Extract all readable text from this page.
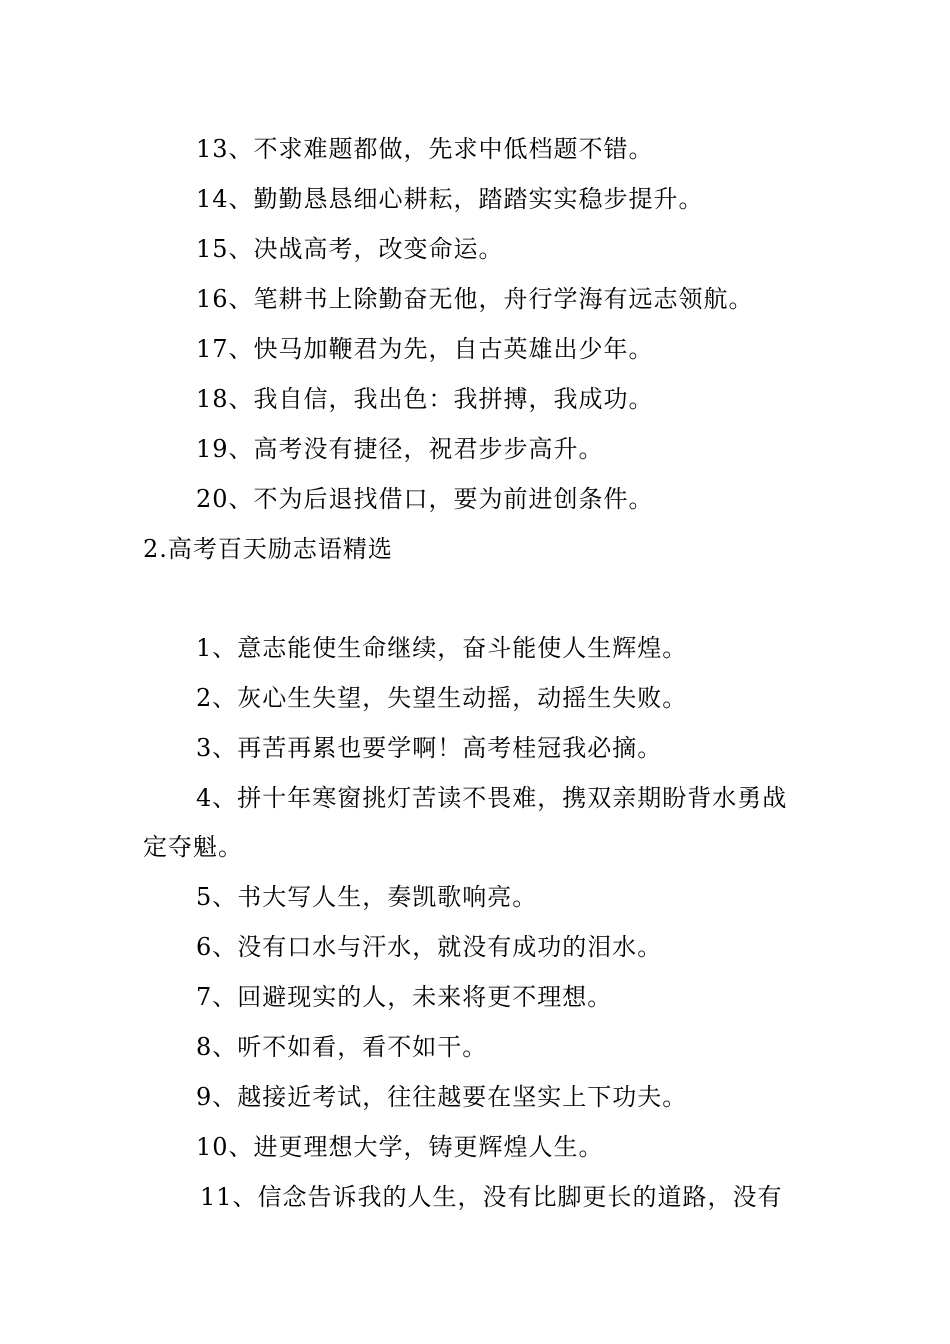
13、不求难题都做，先求中低档题不错。
14、勤勤恳恳细心耕耘，踏踏实实稳步提升。
15、决战高考，改变命运。
16、笔耕书上除勤奋无他，舟行学海有远志领航。
17、快马加鞭君为先，自古英雄出少年。
18、我自信，我出色：我拼搏，我成功。
19、高考没有捷径，祝君步步高升。
20、不为后退找借口，要为前进创条件。
2.高考百天励志语精选
1、意志能使生命继续，奋斗能使人生辉煌。
2、灰心生失望，失望生动摇，动摇生失败。
3、再苦再累也要学啊！高考桂冠我必摘。
4、拼十年寒窗挑灯苦读不畏难，携双亲期盼背水勇战
定夺魁。
5、书大写人生，奏凯歌响亮。
6、没有口水与汗水，就没有成功的泪水。
7、回避现实的人，未来将更不理想。
8、听不如看，看不如干。
9、越接近考试，往往越要在坚实上下功夫。
10、进更理想大学，铸更辉煌人生。
11、信念告诉我的人生，没有比脚更长的道路，没有
